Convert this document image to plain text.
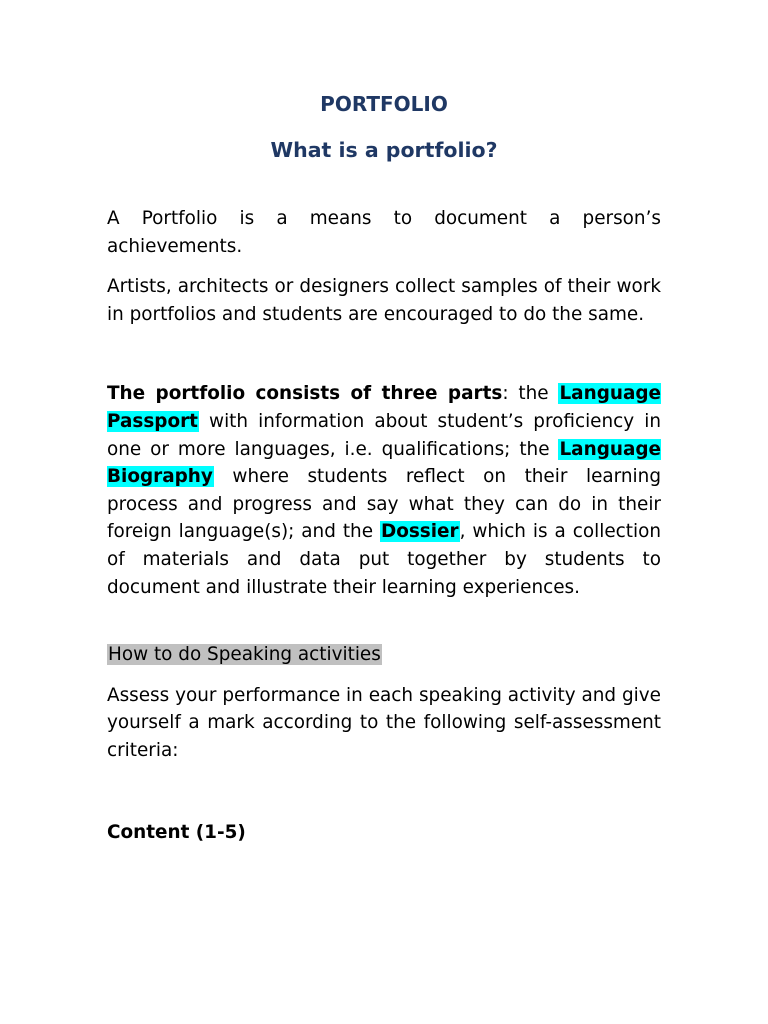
PORTFOLIO
What is a portfolio?

A Portfolio is a means to document a person’s achievements.

Artists, architects or designers collect samples of their work in portfolios and students are encouraged to do the same.

The portfolio consists of three parts: the Language Passport with information about student’s proficiency in one or more languages, i.e. qualifications; the Language Biography where students reflect on their learning process and progress and say what they can do in their foreign language(s); and the Dossier, which is a collection of materials and data put together by students to document and illustrate their learning experiences.

How to do Speaking activities

Assess your performance in each speaking activity and give yourself a mark according to the following self-assessment criteria:

Content (1-5)
